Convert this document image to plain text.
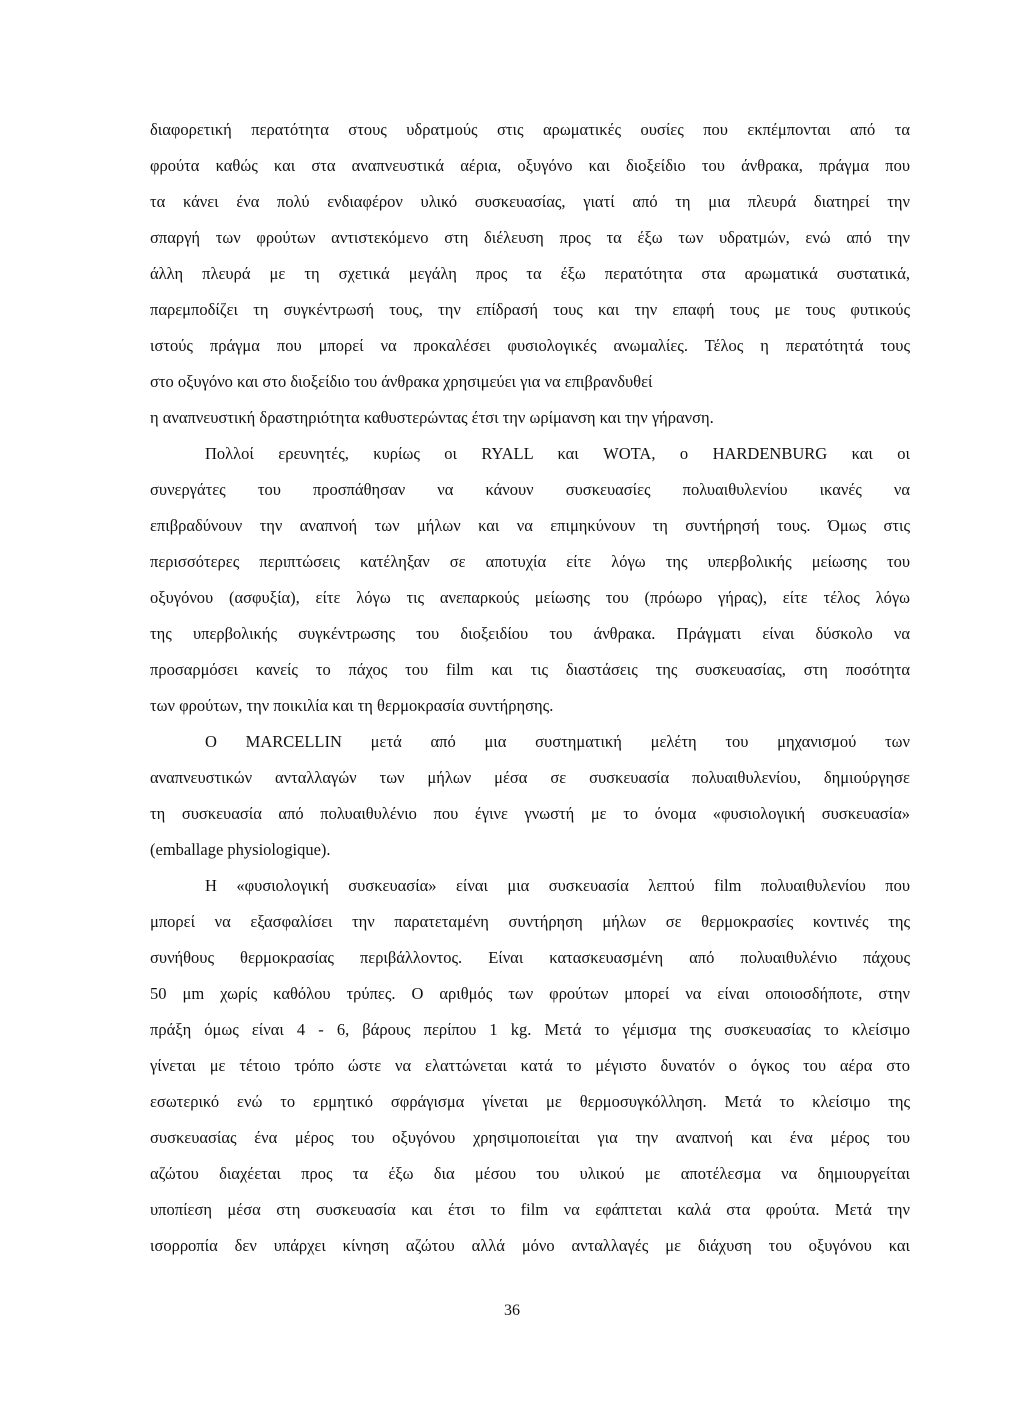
διαφορετική περατότητα στους υδρατμούς στις αρωματικές ουσίες που εκπέμπονται από τα
φρούτα καθώς και στα αναπνευστικά αέρια, οξυγόνο και διοξείδιο του άνθρακα, πράγμα που
τα κάνει ένα πολύ ενδιαφέρον υλικό συσκευασίας, γιατί από τη μια πλευρά διατηρεί την
σπαργή των φρούτων αντιστεκόμενο στη διέλευση προς τα έξω των υδρατμών, ενώ από την
άλλη πλευρά με τη σχετικά μεγάλη προς τα έξω περατότητα στα αρωματικά συστατικά,
παρεμποδίζει τη συγκέντρωσή τους, την επίδρασή τους και την επαφή τους με τους φυτικούς
ιστούς πράγμα που μπορεί να προκαλέσει φυσιολογικές ανωμαλίες. Τέλος η περατότητά τους
στο οξυγόνο και στο διοξείδιο του άνθρακα χρησιμεύει για να επιβρανδυθεί
η αναπνευστική δραστηριότητα καθυστερώντας έτσι την ωρίμανση και την γήρανση.
Πολλοί ερευνητές, κυρίως οι RYALL και WOTA, ο HARDENBURG και οι
συνεργάτες του προσπάθησαν να κάνουν συσκευασίες πολυαιθυλενίου ικανές να
επιβραδύνουν την αναπνοή των μήλων και να επιμηκύνουν τη συντήρησή τους. Όμως στις
περισσότερες περιπτώσεις κατέληξαν σε αποτυχία είτε λόγω της υπερβολικής μείωσης του
οξυγόνου (ασφυξία), είτε λόγω τις ανεπαρκούς μείωσης του (πρόωρο γήρας), είτε τέλος λόγω
της υπερβολικής συγκέντρωσης του διοξειδίου του άνθρακα. Πράγματι είναι δύσκολο να
προσαρμόσει κανείς το πάχος του film και τις διαστάσεις της συσκευασίας, στη ποσότητα
των φρούτων, την ποικιλία και τη θερμοκρασία συντήρησης.
Ο MARCELLIN μετά από μια συστηματική μελέτη του μηχανισμού των
αναπνευστικών ανταλλαγών των μήλων μέσα σε συσκευασία πολυαιθυλενίου, δημιούργησε
τη συσκευασία από πολυαιθυλένιο που έγινε γνωστή με το όνομα «φυσιολογική συσκευασία»
(emballage physiologique).
Η «φυσιολογική συσκευασία» είναι μια συσκευασία λεπτού film πολυαιθυλενίου που
μπορεί να εξασφαλίσει την παρατεταμένη συντήρηση μήλων σε θερμοκρασίες κοντινές της
συνήθους θερμοκρασίας περιβάλλοντος. Είναι κατασκευασμένη από πολυαιθυλένιο πάχους
50 μm χωρίς καθόλου τρύπες. Ο αριθμός των φρούτων μπορεί να είναι οποιοσδήποτε, στην
πράξη όμως είναι 4 - 6, βάρους περίπου 1 kg. Μετά το γέμισμα της συσκευασίας το κλείσιμο
γίνεται με τέτοιο τρόπο ώστε να ελαττώνεται κατά το μέγιστο δυνατόν ο όγκος του αέρα στο
εσωτερικό ενώ το ερμητικό σφράγισμα γίνεται με θερμοσυγκόλληση. Μετά το κλείσιμο της
συσκευασίας ένα μέρος του οξυγόνου χρησιμοποιείται για την αναπνοή και ένα μέρος του
αζώτου διαχέεται προς τα έξω δια μέσου του υλικού με αποτέλεσμα να δημιουργείται
υποπίεση μέσα στη συσκευασία και έτσι το film να εφάπτεται καλά στα φρούτα. Μετά την
ισορροπία δεν υπάρχει κίνηση αζώτου αλλά μόνο ανταλλαγές με διάχυση του οξυγόνου και
36
